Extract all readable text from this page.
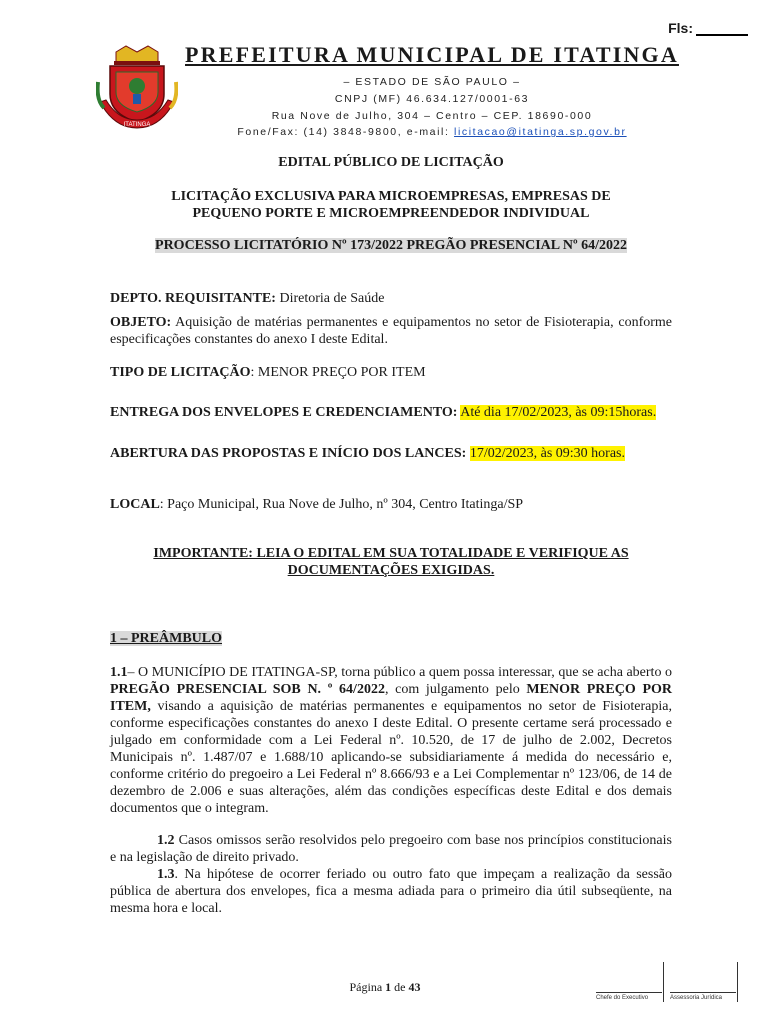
Fls:
ITATINGA
PREFEITURA MUNICIPAL DE ITATINGA
– ESTADO DE SÃO PAULO –
CNPJ (MF) 46.634.127/0001-63
Rua Nove de Julho, 304 – Centro – CEP. 18690-000
Fone/Fax: (14) 3848-9800, e-mail: licitacao@itatinga.sp.gov.br
EDITAL PÚBLICO DE LICITAÇÃO
LICITAÇÃO EXCLUSIVA PARA MICROEMPRESAS, EMPRESAS DE
PEQUENO PORTE E MICROEMPREENDEDOR INDIVIDUAL
PROCESSO LICITATÓRIO Nº 173/2022 PREGÃO PRESENCIAL Nº 64/2022
DEPTO. REQUISITANTE: Diretoria de Saúde
OBJETO: Aquisição de matérias permanentes e equipamentos no setor de Fisioterapia, conforme especificações constantes do anexo I deste Edital.
TIPO DE LICITAÇÃO: MENOR PREÇO POR ITEM
ENTREGA DOS ENVELOPES E CREDENCIAMENTO: Até dia 17/02/2023, às 09:15horas.
ABERTURA DAS PROPOSTAS E INÍCIO DOS LANCES: 17/02/2023, às 09:30 horas.
LOCAL: Paço Municipal, Rua Nove de Julho, nº 304, Centro Itatinga/SP
IMPORTANTE: LEIA O EDITAL EM SUA TOTALIDADE E VERIFIQUE AS
DOCUMENTAÇÕES EXIGIDAS.
1 – PREÂMBULO
1.1– O MUNICÍPIO DE ITATINGA-SP, torna público a quem possa interessar, que se acha aberto o PREGÃO PRESENCIAL SOB N. º 64/2022, com julgamento pelo MENOR PREÇO POR ITEM, visando a aquisição de matérias permanentes e equipamentos no setor de Fisioterapia, conforme especificações constantes do anexo I deste Edital. O presente certame será processado e julgado em conformidade com a Lei Federal nº. 10.520, de 17 de julho de 2.002, Decretos Municipais nº. 1.487/07 e 1.688/10 aplicando-se subsidiariamente á medida do necessário e, conforme critério do pregoeiro a Lei Federal nº 8.666/93 e a Lei Complementar nº 123/06, de 14 de dezembro de 2.006 e suas alterações, além das condições específicas deste Edital e dos demais documentos que o integram.
1.2 Casos omissos serão resolvidos pelo pregoeiro com base nos princípios constitucionais e na legislação de direito privado.
1.3. Na hipótese de ocorrer feriado ou outro fato que impeçam a realização da sessão pública de abertura dos envelopes, fica a mesma adiada para o primeiro dia útil subseqüente, na mesma hora e local.
Página 1 de 43
Chefe do Executivo	Assessoria Jurídica
